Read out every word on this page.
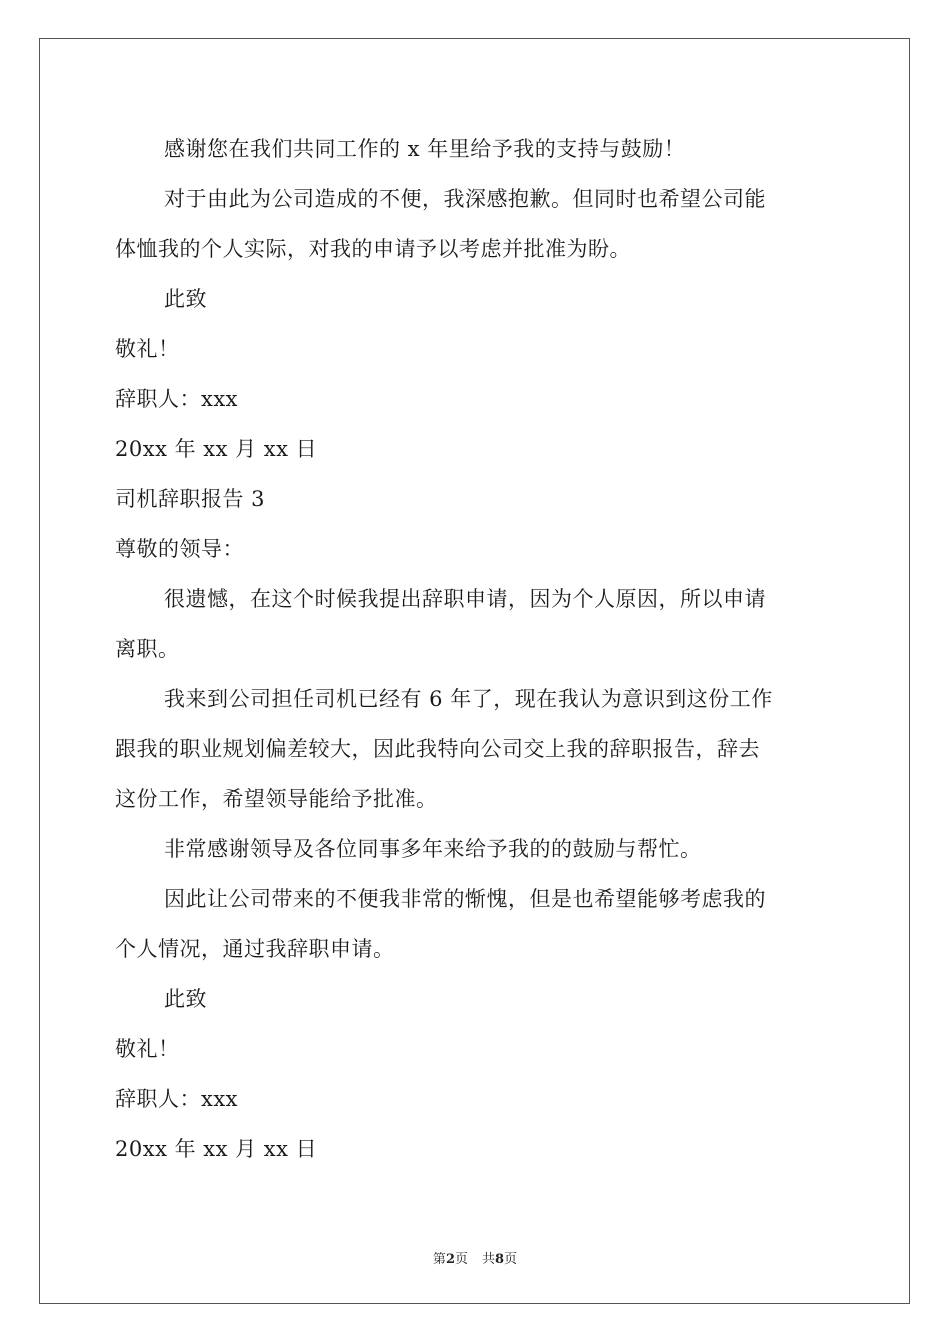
感谢您在我们共同工作的 x 年里给予我的支持与鼓励！
对于由此为公司造成的不便，我深感抱歉。但同时也希望公司能
体恤我的个人实际，对我的申请予以考虑并批准为盼。
此致
敬礼！
辞职人：xxx
20xx 年 xx 月 xx 日
司机辞职报告 3
尊敬的领导：
很遗憾，在这个时候我提出辞职申请，因为个人原因，所以申请
离职。
我来到公司担任司机已经有 6 年了，现在我认为意识到这份工作
跟我的职业规划偏差较大，因此我特向公司交上我的辞职报告，辞去
这份工作，希望领导能给予批准。
非常感谢领导及各位同事多年来给予我的的鼓励与帮忙。
因此让公司带来的不便我非常的惭愧，但是也希望能够考虑我的
个人情况，通过我辞职申请。
此致
敬礼！
辞职人：xxx
20xx 年 xx 月 xx 日
第2页 共8页
